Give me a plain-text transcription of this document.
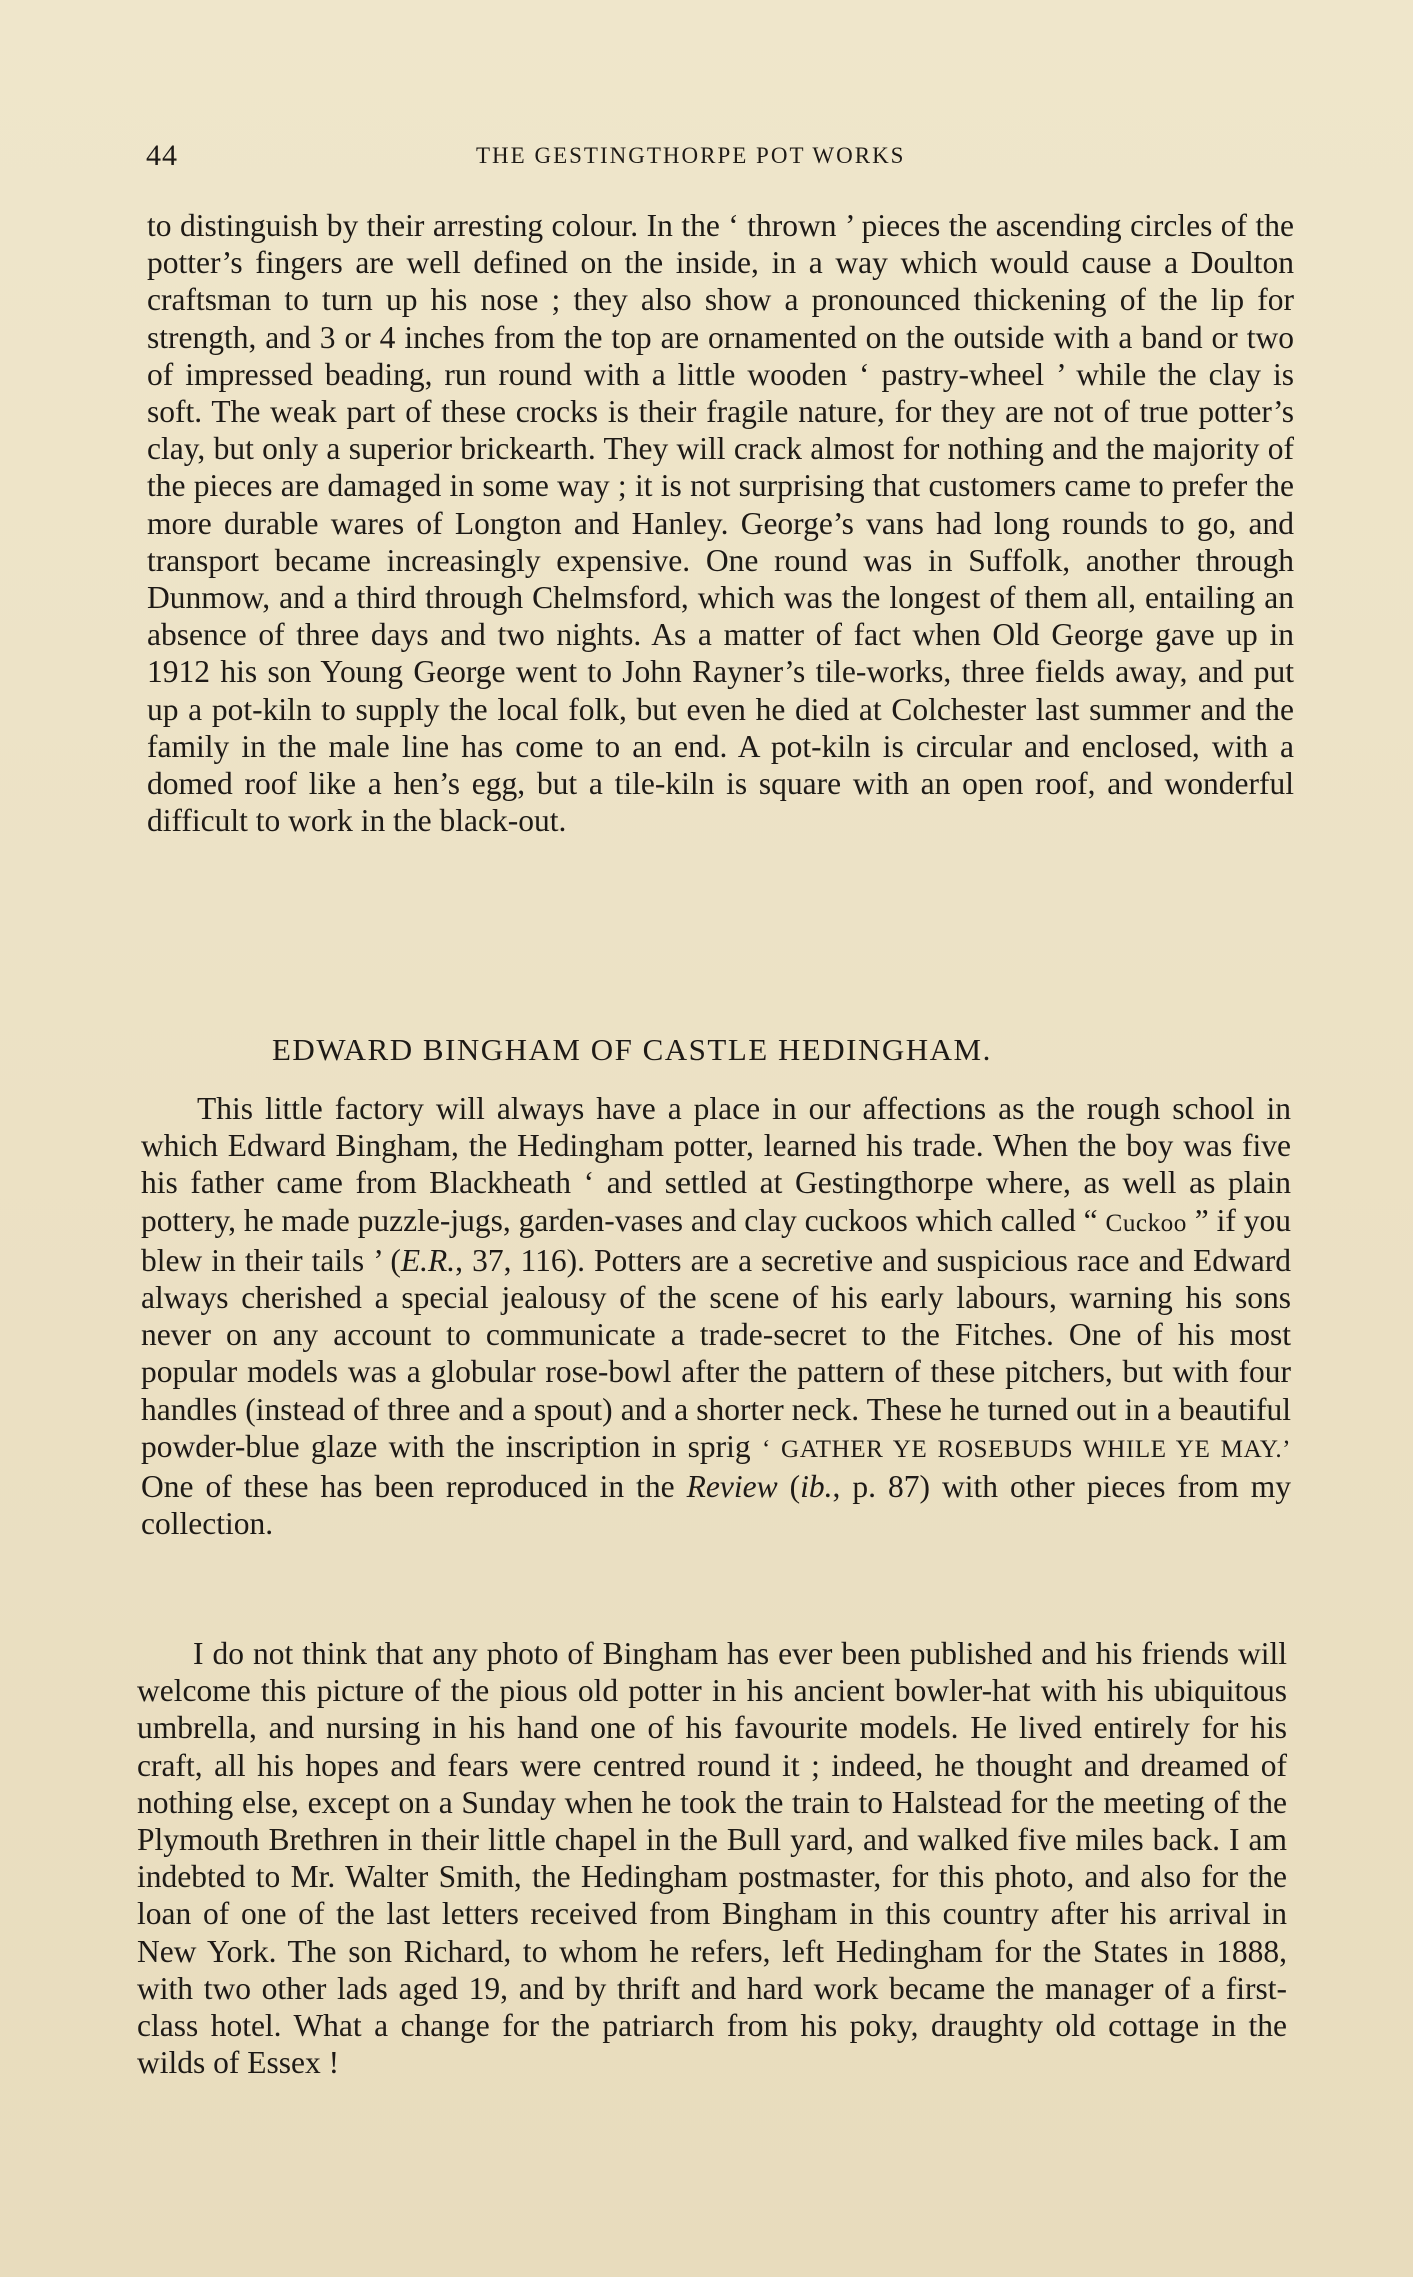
44	THE GESTINGTHORPE POT WORKS

to distinguish by their arresting colour. In the ‘ thrown ’ pieces the ascending circles of the potter’s fingers are well defined on the inside, in a way which would cause a Doulton craftsman to turn up his nose ; they also show a pronounced thickening of the lip for strength, and 3 or 4 inches from the top are ornamented on the outside with a band or two of impressed beading, run round with a little wooden ‘ pastry-wheel ’ while the clay is soft. The weak part of these crocks is their fragile nature, for they are not of true potter’s clay, but only a superior brickearth. They will crack almost for nothing and the majority of the pieces are damaged in some way ; it is not surprising that customers came to prefer the more durable wares of Longton and Hanley. George’s vans had long rounds to go, and transport became increasingly expensive. One round was in Suffolk, another through Dunmow, and a third through Chelmsford, which was the longest of them all, entailing an absence of three days and two nights. As a matter of fact when Old George gave up in 1912 his son Young George went to John Rayner’s tile-works, three fields away, and put up a pot-kiln to supply the local folk, but even he died at Colchester last summer and the family in the male line has come to an end. A pot-kiln is circular and enclosed, with a domed roof like a hen’s egg, but a tile-kiln is square with an open roof, and wonderful difficult to work in the black-out.

EDWARD BINGHAM OF CASTLE HEDINGHAM.

This little factory will always have a place in our affections as the rough school in which Edward Bingham, the Hedingham potter, learned his trade. When the boy was five his father came from Blackheath ‘ and settled at Gestingthorpe where, as well as plain pottery, he made puzzle-jugs, garden-vases and clay cuckoos which called “ Cuckoo ” if you blew in their tails ’ (E.R., 37, 116). Potters are a secretive and suspicious race and Edward always cherished a special jealousy of the scene of his early labours, warning his sons never on any account to communicate a trade-secret to the Fitches. One of his most popular models was a globular rose-bowl after the pattern of these pitchers, but with four handles (instead of three and a spout) and a shorter neck. These he turned out in a beautiful powder-blue glaze with the inscription in sprig ‘ GATHER YE ROSEBUDS WHILE YE MAY.’ One of these has been reproduced in the Review (ib., p. 87) with other pieces from my collection.

I do not think that any photo of Bingham has ever been published and his friends will welcome this picture of the pious old potter in his ancient bowler-hat with his ubiquitous umbrella, and nursing in his hand one of his favourite models. He lived entirely for his craft, all his hopes and fears were centred round it ; indeed, he thought and dreamed of nothing else, except on a Sunday when he took the train to Halstead for the meeting of the Plymouth Brethren in their little chapel in the Bull yard, and walked five miles back. I am indebted to Mr. Walter Smith, the Hedingham postmaster, for this photo, and also for the loan of one of the last letters received from Bingham in this country after his arrival in New York. The son Richard, to whom he refers, left Hedingham for the States in 1888, with two other lads aged 19, and by thrift and hard work became the manager of a first-class hotel. What a change for the patriarch from his poky, draughty old cottage in the wilds of Essex !
